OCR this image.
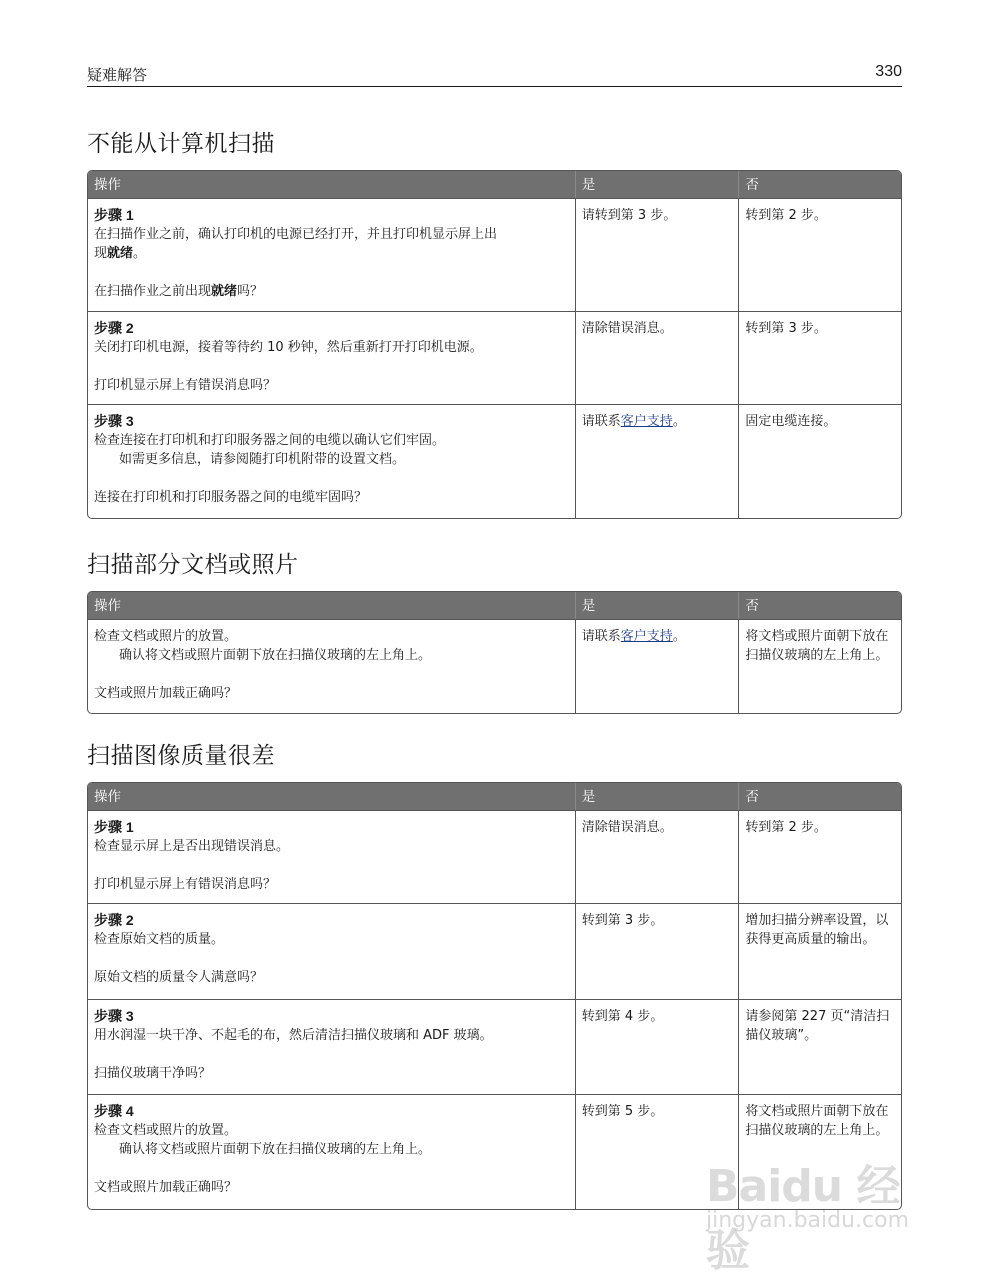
疑难解答	330
不能从计算机扫描
操作	是	否
步骤 1
在扫描作业之前，确认打印机的电源已经打开，并且打印机显示屏上出
现就绪。
在扫描作业之前出现就绪吗？
请转到第 3 步。	转到第 2 步。
步骤 2
关闭打印机电源，接着等待约 10 秒钟，然后重新打开打印机电源。
打印机显示屏上有错误消息吗？
清除错误消息。	转到第 3 步。
步骤 3
检查连接在打印机和打印服务器之间的电缆以确认它们牢固。
如需更多信息，请参阅随打印机附带的设置文档。
连接在打印机和打印服务器之间的电缆牢固吗？
请联系客户支持。	固定电缆连接。
扫描部分文档或照片
操作	是	否
检查文档或照片的放置。
确认将文档或照片面朝下放在扫描仪玻璃的左上角上。
文档或照片加载正确吗？
请联系客户支持。	将文档或照片面朝下放在扫描仪玻璃的左上角上。
扫描图像质量很差
操作	是	否
步骤 1
检查显示屏上是否出现错误消息。
打印机显示屏上有错误消息吗？
清除错误消息。	转到第 2 步。
步骤 2
检查原始文档的质量。
原始文档的质量令人满意吗？
转到第 3 步。	增加扫描分辨率设置，以获得更高质量的输出。
步骤 3
用水润湿一块干净、不起毛的布，然后清洁扫描仪玻璃和 ADF 玻璃。
扫描仪玻璃干净吗？
转到第 4 步。	请参阅第 227 页“清洁扫描仪玻璃”。
步骤 4
检查文档或照片的放置。
确认将文档或照片面朝下放在扫描仪玻璃的左上角上。
文档或照片加载正确吗？
转到第 5 步。	将文档或照片面朝下放在扫描仪玻璃的左上角上。
Baidu 经验
jingyan.baidu.com
